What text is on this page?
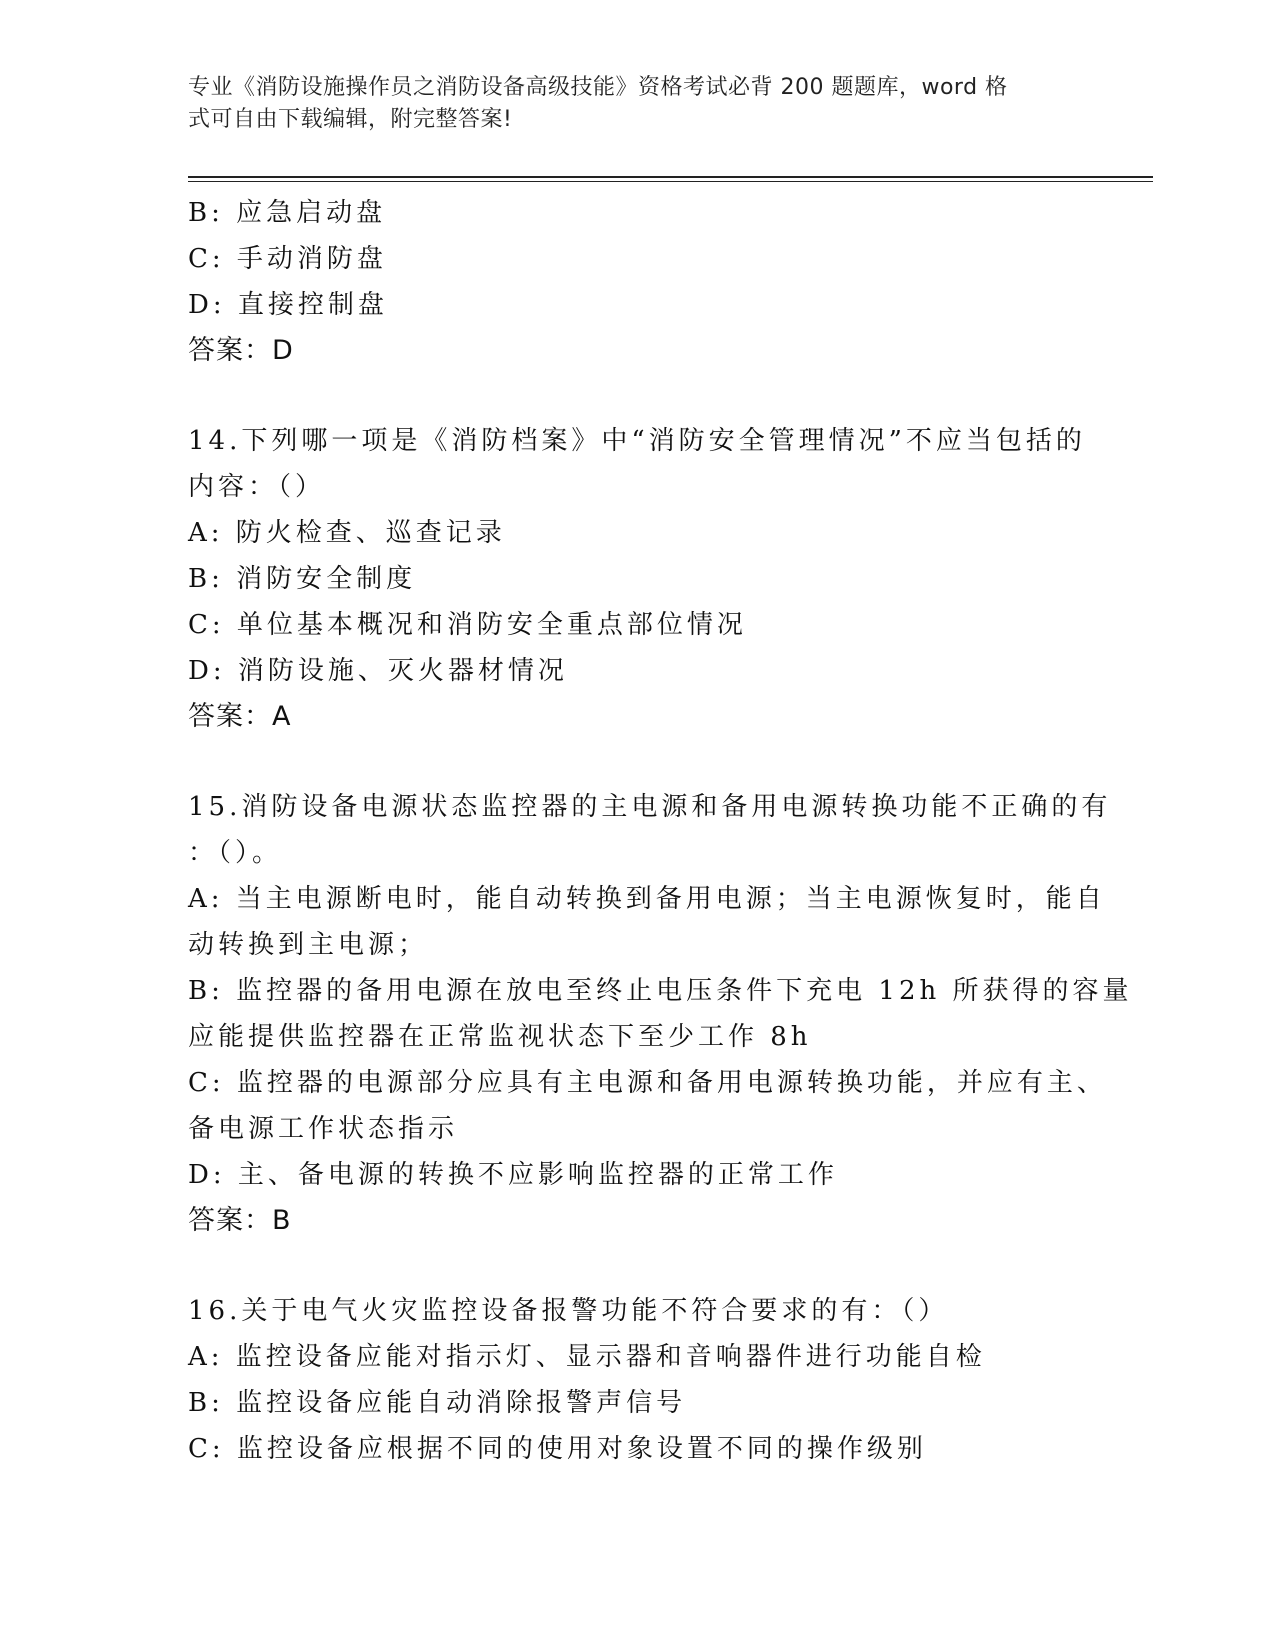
专业《消防设施操作员之消防设备高级技能》资格考试必背 200 题题库，word 格
式可自由下载编辑，附完整答案!
B: 应急启动盘
C: 手动消防盘
D: 直接控制盘
答案：D
14.下列哪一项是《消防档案》中“消防安全管理情况”不应当包括的
内容：（）
A: 防火检查、巡查记录
B: 消防安全制度
C: 单位基本概况和消防安全重点部位情况
D: 消防设施、灭火器材情况
答案：A
15.消防设备电源状态监控器的主电源和备用电源转换功能不正确的有
：（）。
A: 当主电源断电时，能自动转换到备用电源；当主电源恢复时，能自
动转换到主电源；
B: 监控器的备用电源在放电至终止电压条件下充电 12h 所获得的容量
应能提供监控器在正常监视状态下至少工作 8h
C: 监控器的电源部分应具有主电源和备用电源转换功能，并应有主、
备电源工作状态指示
D: 主、备电源的转换不应影响监控器的正常工作
答案：B
16.关于电气火灾监控设备报警功能不符合要求的有：（）
A: 监控设备应能对指示灯、显示器和音响器件进行功能自检
B: 监控设备应能自动消除报警声信号
C: 监控设备应根据不同的使用对象设置不同的操作级别
